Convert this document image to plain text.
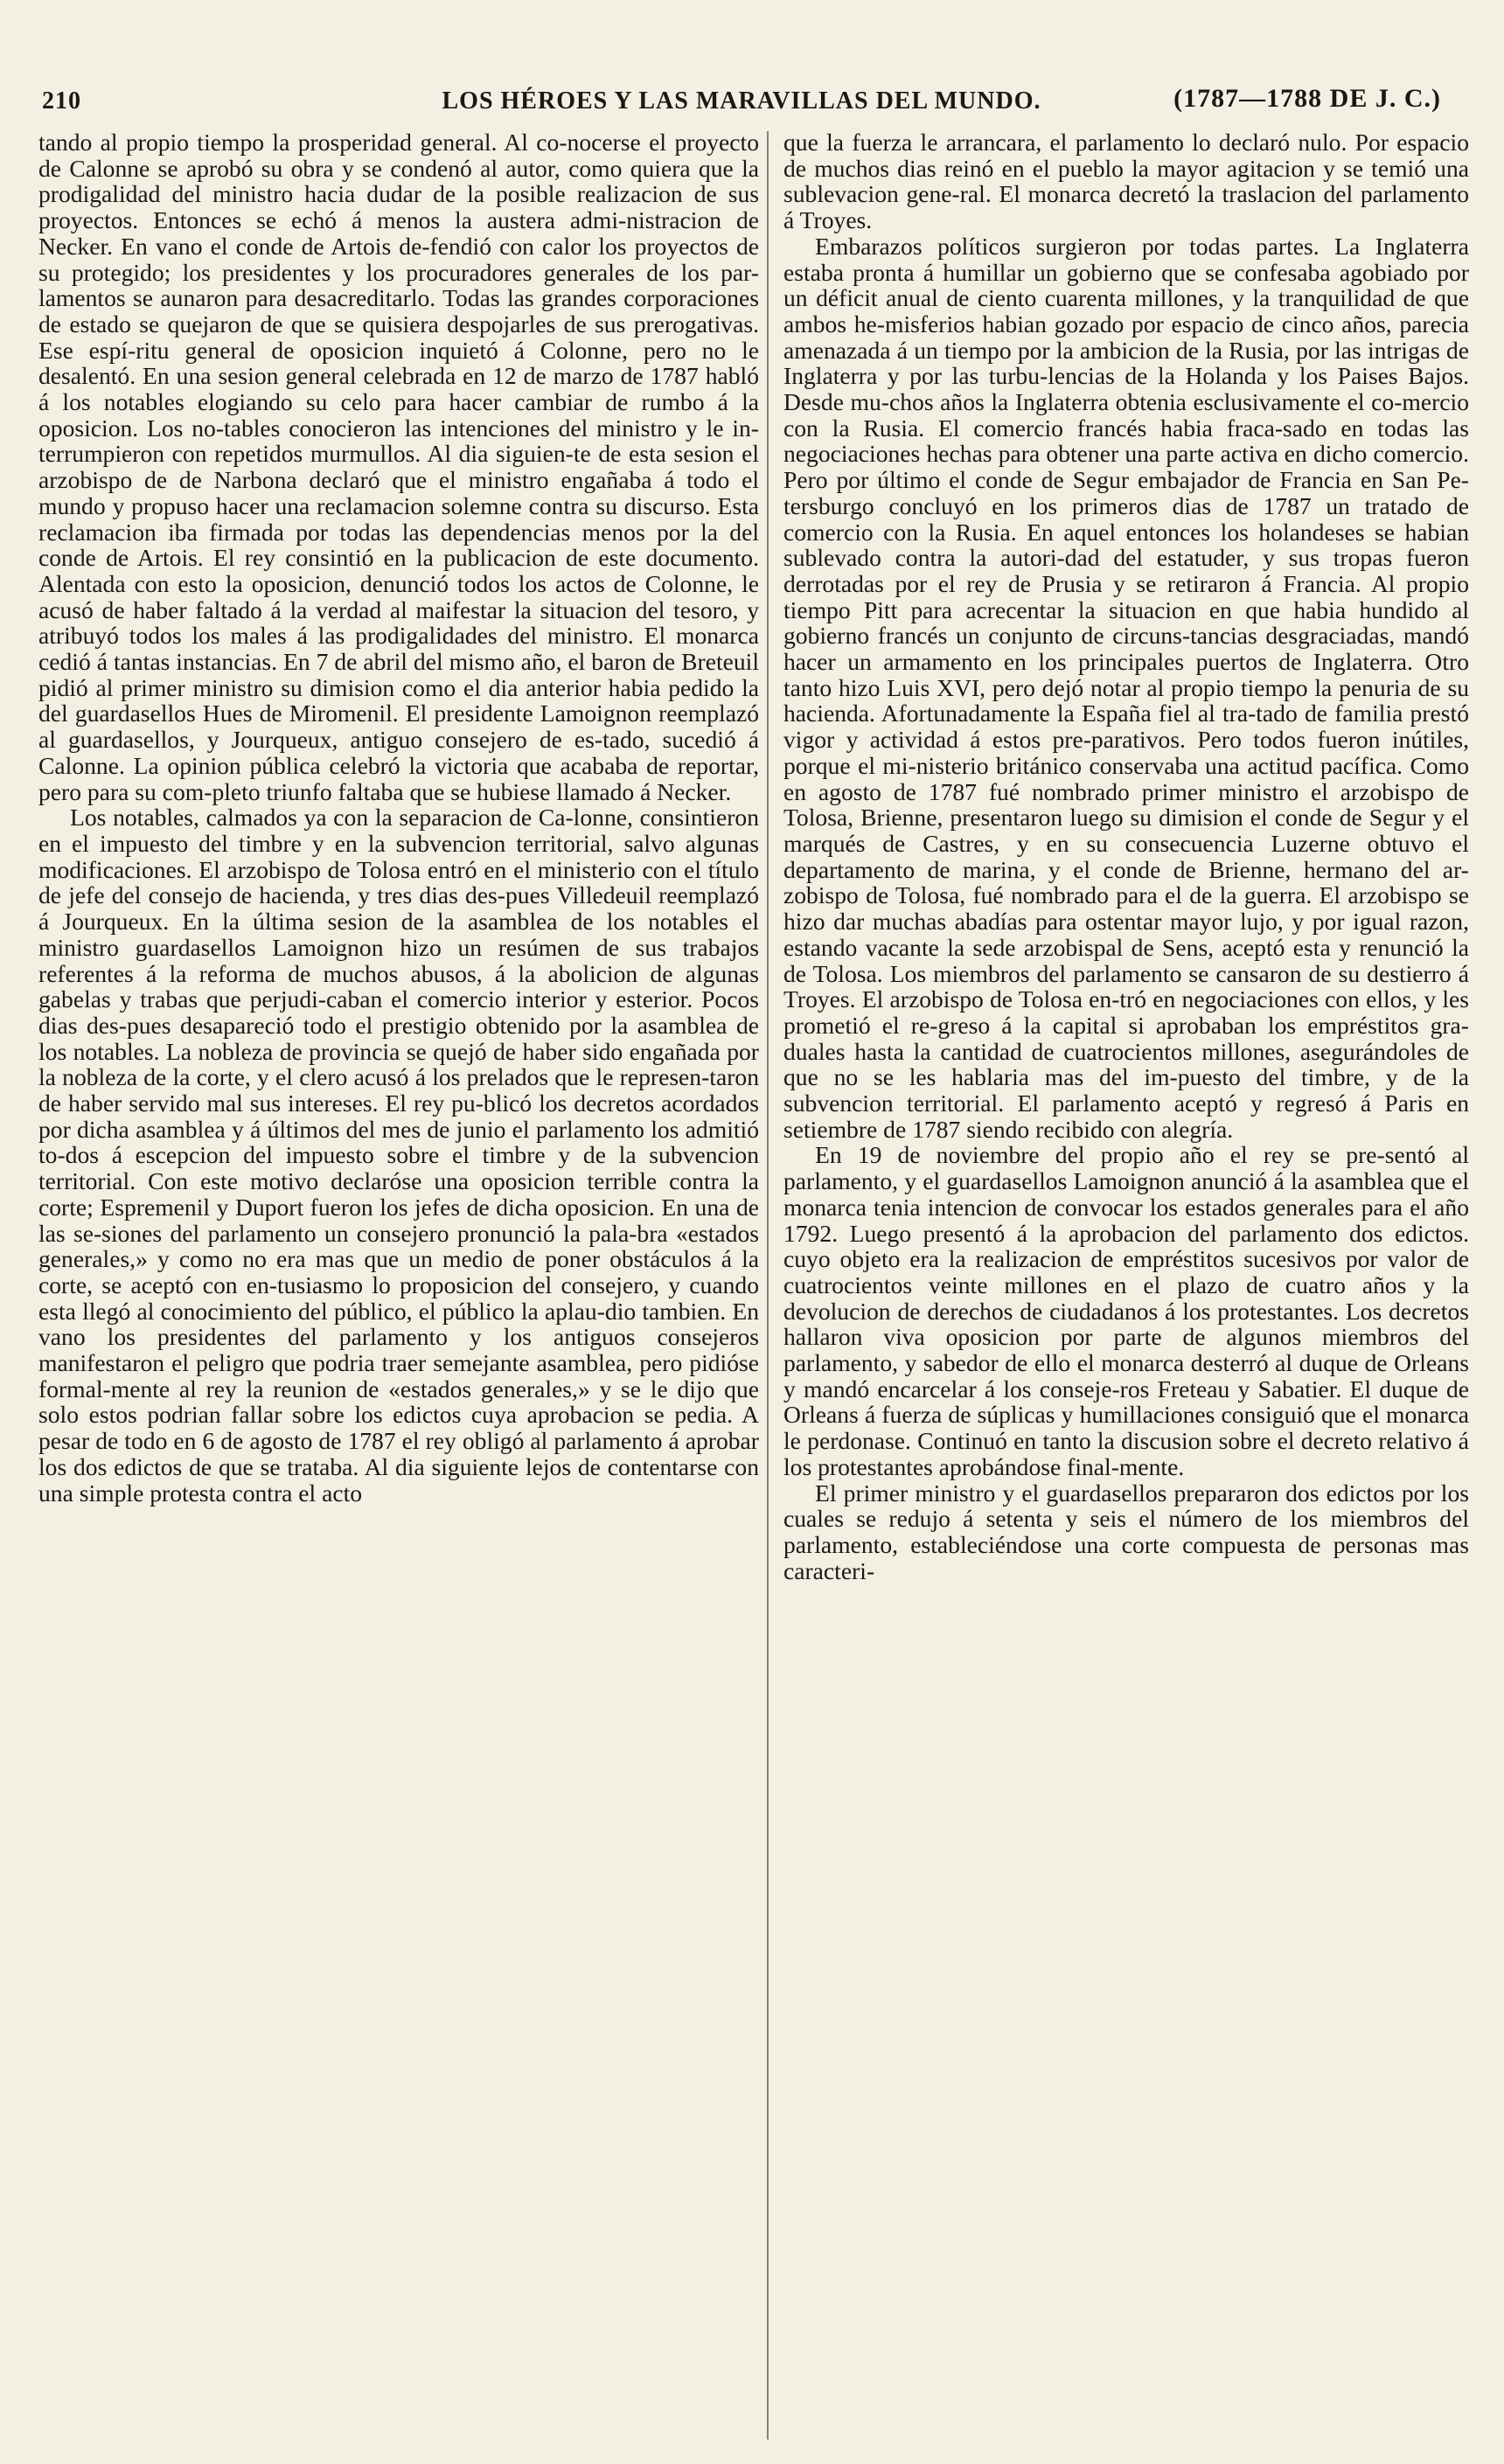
210	LOS HÉROES Y LAS MARAVILLAS DEL MUNDO.	(1787—1788 DE J. C.)

tando al propio tiempo la prosperidad general. Al co-nocerse el proyecto de Calonne se aprobó su obra y se condenó al autor, como quiera que la prodigalidad del ministro hacia dudar de la posible realizacion de sus proyectos. Entonces se echó á menos la austera admi-nistracion de Necker. En vano el conde de Artois de-fendió con calor los proyectos de su protegido; los presidentes y los procuradores generales de los par-lamentos se aunaron para desacreditarlo. Todas las grandes corporaciones de estado se quejaron de que se quisiera despojarles de sus prerogativas. Ese espí-ritu general de oposicion inquietó á Colonne, pero no le desalentó. En una sesion general celebrada en 12 de marzo de 1787 habló á los notables elogiando su celo para hacer cambiar de rumbo á la oposicion. Los no-tables conocieron las intenciones del ministro y le in-terrumpieron con repetidos murmullos. Al dia siguien-te de esta sesion el arzobispo de de Narbona declaró que el ministro engañaba á todo el mundo y propuso hacer una reclamacion solemne contra su discurso. Esta reclamacion iba firmada por todas las dependencias menos por la del conde de Artois. El rey consintió en la publicacion de este documento. Alentada con esto la oposicion, denunció todos los actos de Colonne, le acusó de haber faltado á la verdad al maifestar la situacion del tesoro, y atribuyó todos los males á las prodigalidades del ministro. El monarca cedió á tantas instancias. En 7 de abril del mismo año, el baron de Breteuil pidió al primer ministro su dimision como el dia anterior habia pedido la del guardasellos Hues de Miromenil. El presidente Lamoignon reemplazó al guardasellos, y Jourqueux, antiguo consejero de es-tado, sucedió á Calonne. La opinion pública celebró la victoria que acababa de reportar, pero para su com-pleto triunfo faltaba que se hubiese llamado á Necker.

Los notables, calmados ya con la separacion de Ca-lonne, consintieron en el impuesto del timbre y en la subvencion territorial, salvo algunas modificaciones. El arzobispo de Tolosa entró en el ministerio con el título de jefe del consejo de hacienda, y tres dias des-pues Villedeuil reemplazó á Jourqueux. En la última sesion de la asamblea de los notables el ministro guardasellos Lamoignon hizo un resúmen de sus trabajos referentes á la reforma de muchos abusos, á la abolicion de algunas gabelas y trabas que perjudi-caban el comercio interior y esterior. Pocos dias des-pues desapareció todo el prestigio obtenido por la asamblea de los notables. La nobleza de provincia se quejó de haber sido engañada por la nobleza de la corte, y el clero acusó á los prelados que le represen-taron de haber servido mal sus intereses. El rey pu-blicó los decretos acordados por dicha asamblea y á últimos del mes de junio el parlamento los admitió to-dos á escepcion del impuesto sobre el timbre y de la subvencion territorial. Con este motivo declaróse una oposicion terrible contra la corte; Espremenil y Duport fueron los jefes de dicha oposicion. En una de las se-siones del parlamento un consejero pronunció la pala-bra «estados generales,» y como no era mas que un medio de poner obstáculos á la corte, se aceptó con en-tusiasmo lo proposicion del consejero, y cuando esta llegó al conocimiento del público, el público la aplau-dio tambien. En vano los presidentes del parlamento y los antiguos consejeros manifestaron el peligro que podria traer semejante asamblea, pero pidióse formal-mente al rey la reunion de «estados generales,» y se le dijo que solo estos podrian fallar sobre los edictos cuya aprobacion se pedia. A pesar de todo en 6 de agosto de 1787 el rey obligó al parlamento á aprobar los dos edictos de que se trataba. Al dia siguiente lejos de contentarse con una simple protesta contra el acto

que la fuerza le arrancara, el parlamento lo declaró nulo. Por espacio de muchos dias reinó en el pueblo la mayor agitacion y se temió una sublevacion gene-ral. El monarca decretó la traslacion del parlamento á Troyes.

Embarazos políticos surgieron por todas partes. La Inglaterra estaba pronta á humillar un gobierno que se confesaba agobiado por un déficit anual de ciento cuarenta millones, y la tranquilidad de que ambos he-misferios habian gozado por espacio de cinco años, parecia amenazada á un tiempo por la ambicion de la Rusia, por las intrigas de Inglaterra y por las turbu-lencias de la Holanda y los Paises Bajos. Desde mu-chos años la Inglaterra obtenia esclusivamente el co-mercio con la Rusia. El comercio francés habia fraca-sado en todas las negociaciones hechas para obtener una parte activa en dicho comercio. Pero por último el conde de Segur embajador de Francia en San Pe-tersburgo concluyó en los primeros dias de 1787 un tratado de comercio con la Rusia. En aquel entonces los holandeses se habian sublevado contra la autori-dad del estatuder, y sus tropas fueron derrotadas por el rey de Prusia y se retiraron á Francia. Al propio tiempo Pitt para acrecentar la situacion en que habia hundido al gobierno francés un conjunto de circuns-tancias desgraciadas, mandó hacer un armamento en los principales puertos de Inglaterra. Otro tanto hizo Luis XVI, pero dejó notar al propio tiempo la penuria de su hacienda. Afortunadamente la España fiel al tra-tado de familia prestó vigor y actividad á estos pre-parativos. Pero todos fueron inútiles, porque el mi-nisterio británico conservaba una actitud pacífica. Como en agosto de 1787 fué nombrado primer ministro el arzobispo de Tolosa, Brienne, presentaron luego su dimision el conde de Segur y el marqués de Castres, y en su consecuencia Luzerne obtuvo el departamento de marina, y el conde de Brienne, hermano del ar-zobispo de Tolosa, fué nombrado para el de la guerra. El arzobispo se hizo dar muchas abadías para ostentar mayor lujo, y por igual razon, estando vacante la sede arzobispal de Sens, aceptó esta y renunció la de Tolosa. Los miembros del parlamento se cansaron de su destierro á Troyes. El arzobispo de Tolosa en-tró en negociaciones con ellos, y les prometió el re-greso á la capital si aprobaban los empréstitos gra-duales hasta la cantidad de cuatrocientos millones, asegurándoles de que no se les hablaria mas del im-puesto del timbre, y de la subvencion territorial. El parlamento aceptó y regresó á Paris en setiembre de 1787 siendo recibido con alegría.

En 19 de noviembre del propio año el rey se pre-sentó al parlamento, y el guardasellos Lamoignon anunció á la asamblea que el monarca tenia intencion de convocar los estados generales para el año 1792. Luego presentó á la aprobacion del parlamento dos edictos. cuyo objeto era la realizacion de empréstitos sucesivos por valor de cuatrocientos veinte millones en el plazo de cuatro años y la devolucion de derechos de ciudadanos á los protestantes. Los decretos hallaron viva oposicion por parte de algunos miembros del parlamento, y sabedor de ello el monarca desterró al duque de Orleans y mandó encarcelar á los conseje-ros Freteau y Sabatier. El duque de Orleans á fuerza de súplicas y humillaciones consiguió que el monarca le perdonase. Continuó en tanto la discusion sobre el decreto relativo á los protestantes aprobándose final-mente.

El primer ministro y el guardasellos prepararon dos edictos por los cuales se redujo á setenta y seis el número de los miembros del parlamento, estableciéndose una corte compuesta de personas mas caracteri-
